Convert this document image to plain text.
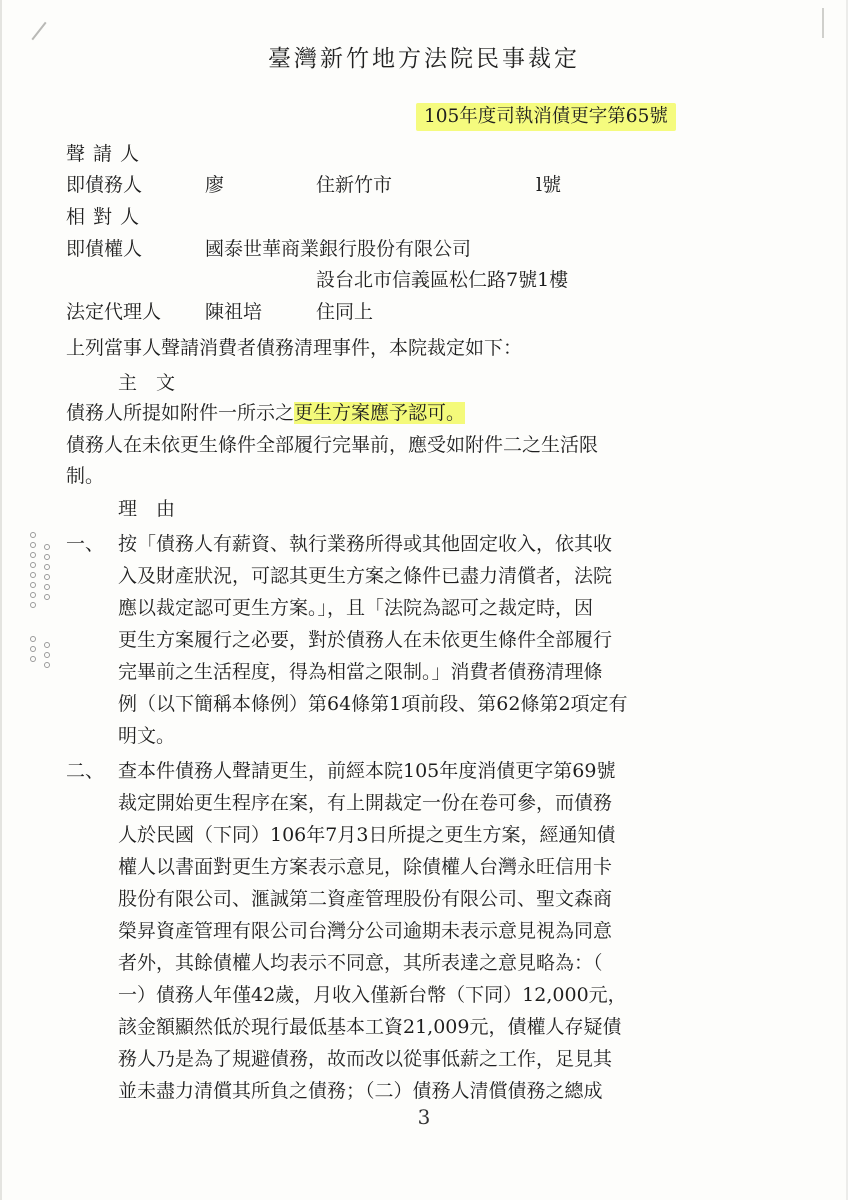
臺灣新竹地方法院民事裁定
105年度司執消債更字第65號
聲請人
即債務人	廖	住新竹市	l號
相對人
即債權人	國泰世華商業銀行股份有限公司
設台北市信義區松仁路7號1樓
法定代理人 陳祖培	住同上
上列當事人聲請消費者債務清理事件，本院裁定如下：
主　文
債務人所提如附件一所示之更生方案應予認可。
債務人在未依更生條件全部履行完畢前，應受如附件二之生活限
制。
理　由
一、 按「債務人有薪資、執行業務所得或其他固定收入，依其收
入及財產狀況，可認其更生方案之條件已盡力清償者，法院
應以裁定認可更生方案。」，且「法院為認可之裁定時，因
更生方案履行之必要，對於債務人在未依更生條件全部履行
完畢前之生活程度，得為相當之限制。」消費者債務清理條
例（以下簡稱本條例）第64條第1項前段、第62條第2項定有
明文。
二、 查本件債務人聲請更生，前經本院105年度消債更字第69號
裁定開始更生程序在案，有上開裁定一份在卷可參，而債務
人於民國（下同）106年7月3日所提之更生方案，經通知債
權人以書面對更生方案表示意見，除債權人台灣永旺信用卡
股份有限公司、滙誠第二資產管理股份有限公司、聖文森商
榮昇資產管理有限公司台灣分公司逾期未表示意見視為同意
者外，其餘債權人均表示不同意，其所表達之意見略為：（
一）債務人年僅42歲，月收入僅新台幣（下同）12,000元，
該金額顯然低於現行最低基本工資21,009元，債權人存疑債
務人乃是為了規避債務，故而改以從事低薪之工作，足見其
並未盡力清償其所負之債務；（二）債務人清償債務之總成
3
